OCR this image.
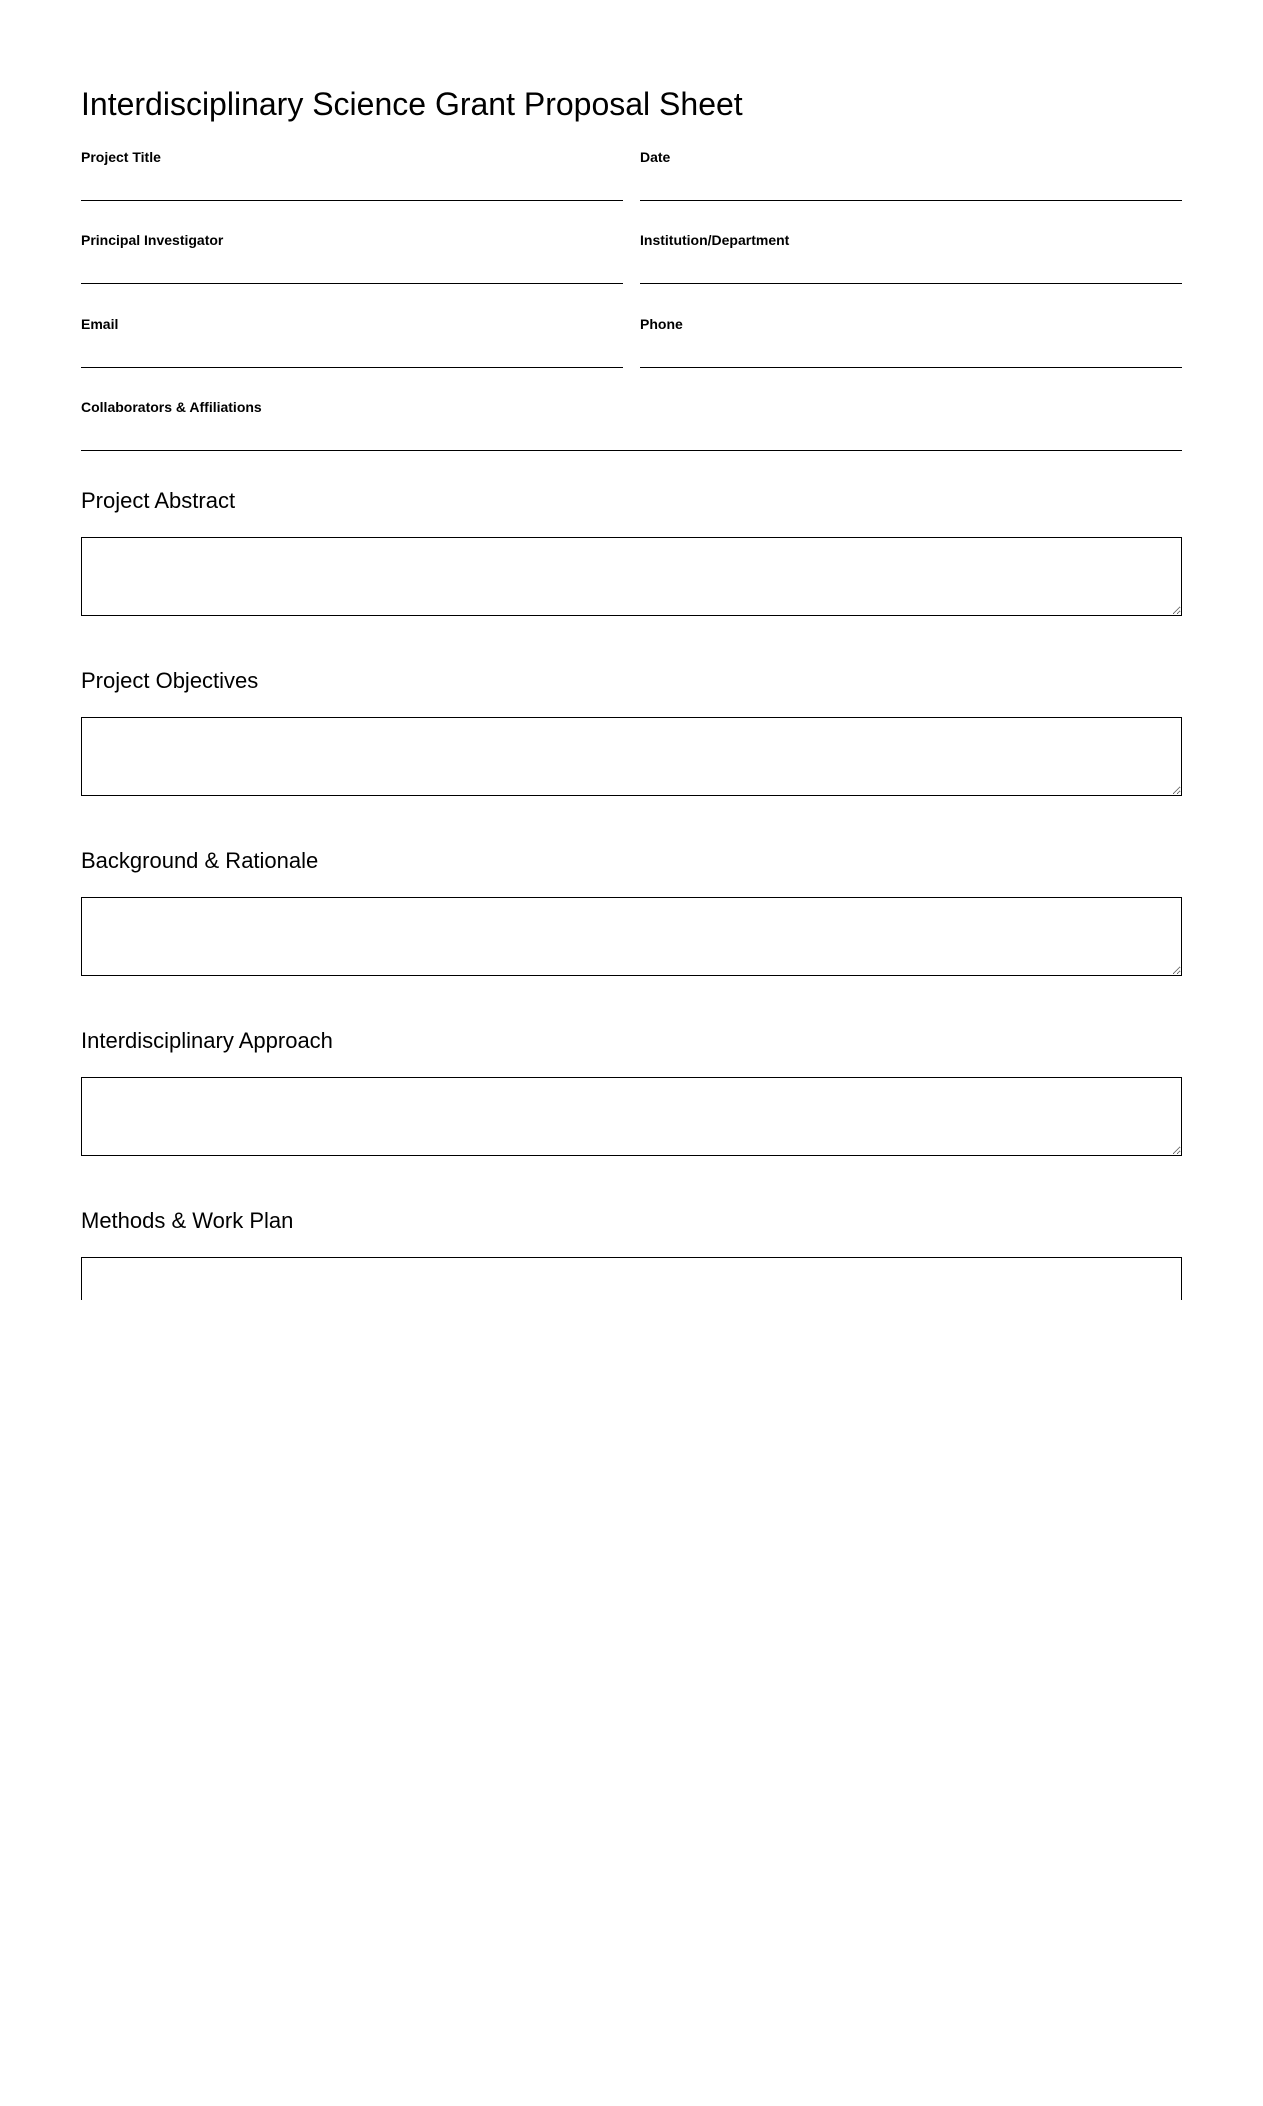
Interdisciplinary Science Grant Proposal Sheet
Project Title	Date
Principal Investigator	Institution/Department
Email	Phone
Collaborators & Affiliations
Project Abstract
Project Objectives
Background & Rationale
Interdisciplinary Approach
Methods & Work Plan
